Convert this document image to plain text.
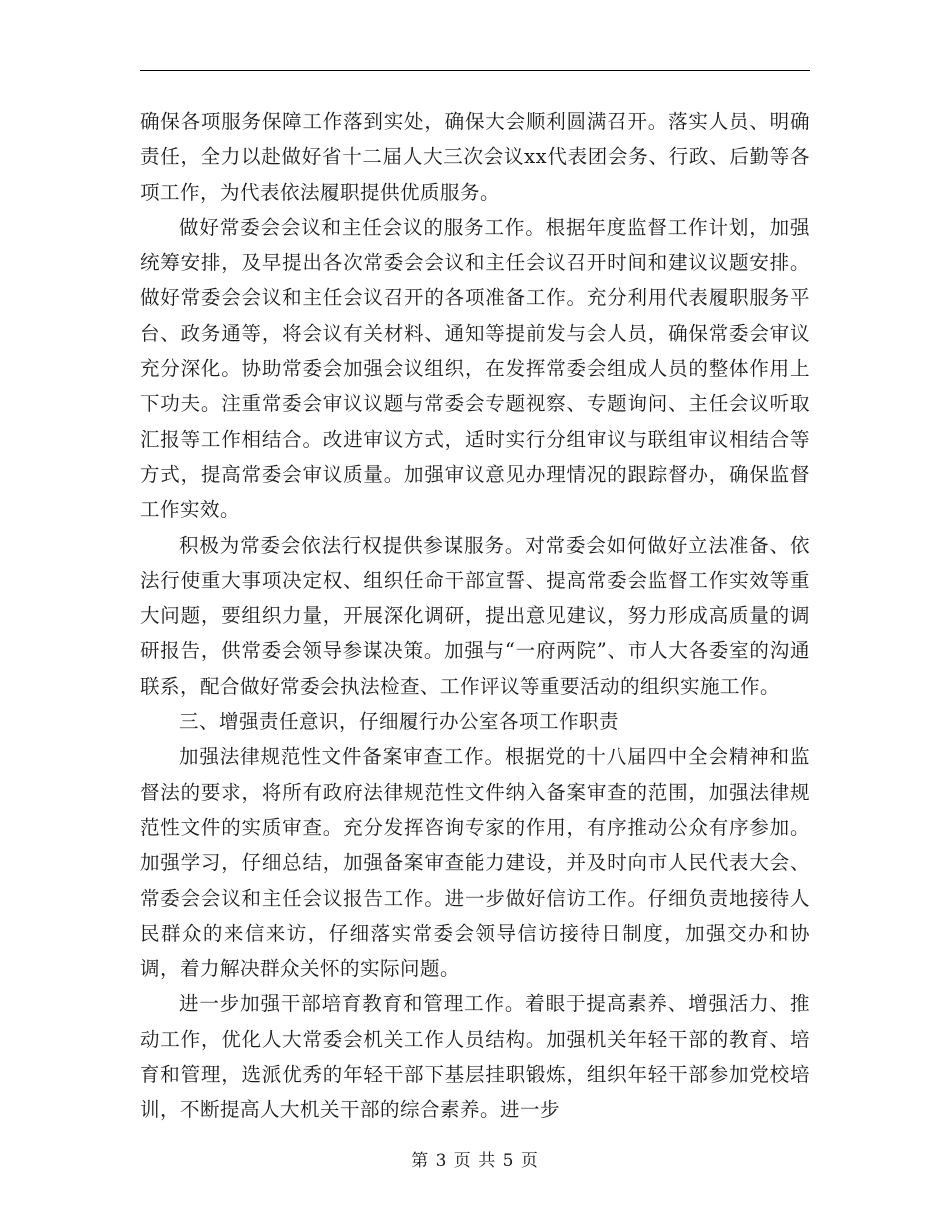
确保各项服务保障工作落到实处，确保大会顺利圆满召开。落实人员、明确责任，全力以赴做好省十二届人大三次会议xx代表团会务、行政、后勤等各项工作，为代表依法履职提供优质服务。

做好常委会会议和主任会议的服务工作。根据年度监督工作计划，加强统筹安排，及早提出各次常委会会议和主任会议召开时间和建议议题安排。做好常委会会议和主任会议召开的各项准备工作。充分利用代表履职服务平台、政务通等，将会议有关材料、通知等提前发与会人员，确保常委会审议充分深化。协助常委会加强会议组织，在发挥常委会组成人员的整体作用上下功夫。注重常委会审议议题与常委会专题视察、专题询问、主任会议听取汇报等工作相结合。改进审议方式，适时实行分组审议与联组审议相结合等方式，提高常委会审议质量。加强审议意见办理情况的跟踪督办，确保监督工作实效。

积极为常委会依法行权提供参谋服务。对常委会如何做好立法准备、依法行使重大事项决定权、组织任命干部宣誓、提高常委会监督工作实效等重大问题，要组织力量，开展深化调研，提出意见建议，努力形成高质量的调研报告，供常委会领导参谋决策。加强与“一府两院”、市人大各委室的沟通联系，配合做好常委会执法检查、工作评议等重要活动的组织实施工作。

三、增强责任意识，仔细履行办公室各项工作职责

加强法律规范性文件备案审查工作。根据党的十八届四中全会精神和监督法的要求，将所有政府法律规范性文件纳入备案审查的范围，加强法律规范性文件的实质审查。充分发挥咨询专家的作用，有序推动公众有序参加。加强学习，仔细总结，加强备案审查能力建设，并及时向市人民代表大会、常委会会议和主任会议报告工作。进一步做好信访工作。仔细负责地接待人民群众的来信来访，仔细落实常委会领导信访接待日制度，加强交办和协调，着力解决群众关怀的实际问题。

进一步加强干部培育教育和管理工作。着眼于提高素养、增强活力、推动工作，优化人大常委会机关工作人员结构。加强机关年轻干部的教育、培育和管理，选派优秀的年轻干部下基层挂职锻炼，组织年轻干部参加党校培训，不断提高人大机关干部的综合素养。进一步

第 3 页 共 5 页
